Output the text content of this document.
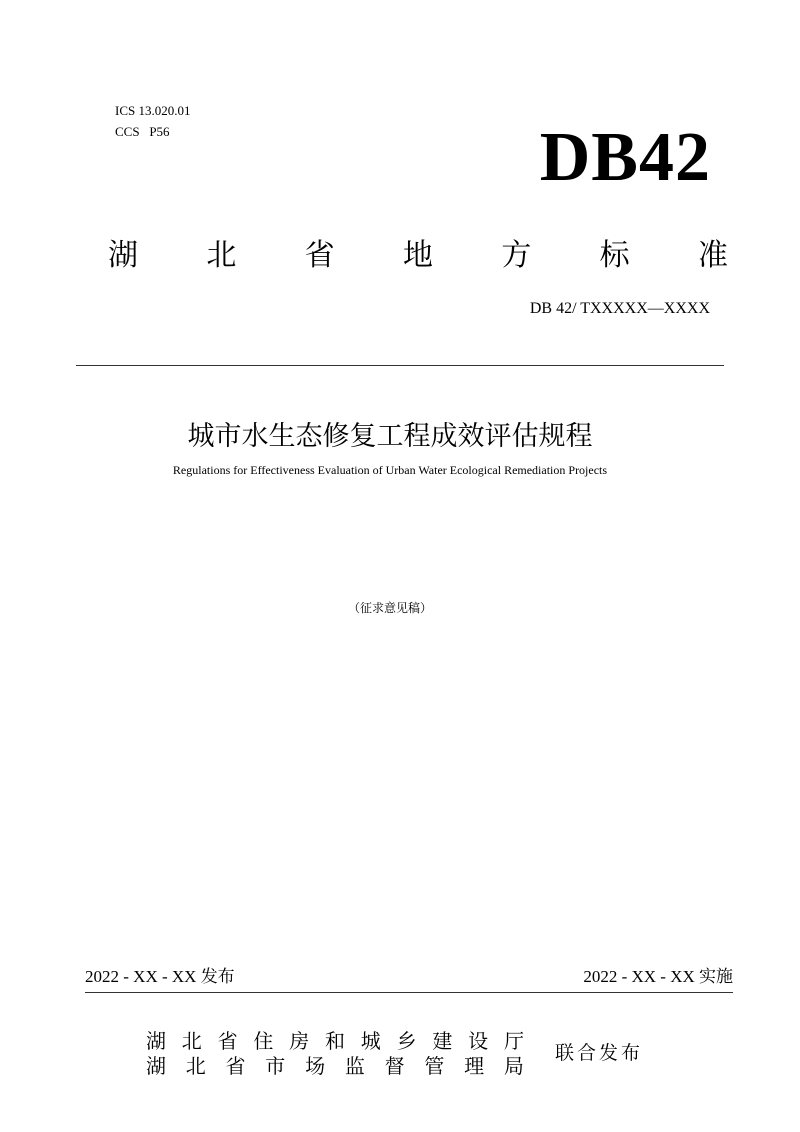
ICS 13.020.01
CCS   P56	DB42
湖 北 省 地 方 标 准
DB 42/ TXXXXX—XXXX
城市水生态修复工程成效评估规程
Regulations for Effectiveness Evaluation of Urban Water Ecological Remediation Projects
（征求意见稿）
2022 - XX - XX 发布	2022 - XX - XX 实施
湖 北 省 住 房 和 城 乡 建 设 厅
湖 北 省 市 场 监 督 管 理 局
联合发布
